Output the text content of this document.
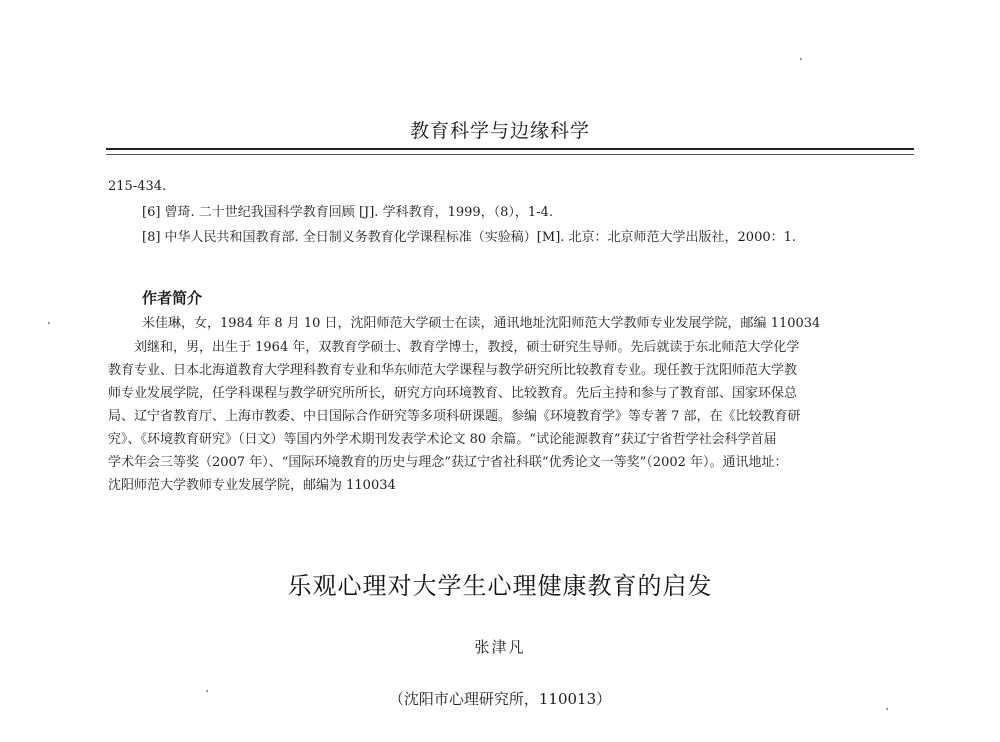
教育科学与边缘科学
215-434.
[6] 曾琦. 二十世纪我国科学教育回顾 [J]. 学科教育，1999，（8），1-4.
[8] 中华人民共和国教育部. 全日制义务教育化学课程标准（实验稿）[M]. 北京：北京师范大学出版社，2000：1.
作者简介
米佳琳，女，1984 年 8 月 10 日，沈阳师范大学硕士在读，通讯地址沈阳师范大学教师专业发展学院，邮编 110034
　　刘继和，男，出生于 1964 年，双教育学硕士、教育学博士，教授，硕士研究生导师。先后就读于东北师范大学化学
教育专业、日本北海道教育大学理科教育专业和华东师范大学课程与教学研究所比较教育专业。现任教于沈阳师范大学教
师专业发展学院，任学科课程与教学研究所所长，研究方向环境教育、比较教育。先后主持和参与了教育部、国家环保总
局、辽宁省教育厅、上海市教委、中日国际合作研究等多项科研课题。参编《环境教育学》等专著 7 部，在《比较教育研
究》、《环境教育研究》（日文）等国内外学术期刊发表学术论文 80 余篇。“试论能源教育”获辽宁省哲学社会科学首届
学术年会三等奖（2007 年）、“国际环境教育的历史与理念”获辽宁省社科联“优秀论文一等奖”（2002 年）。通讯地址：
沈阳师范大学教师专业发展学院，邮编为 110034
乐观心理对大学生心理健康教育的启发
张津凡
（沈阳市心理研究所，110013）
